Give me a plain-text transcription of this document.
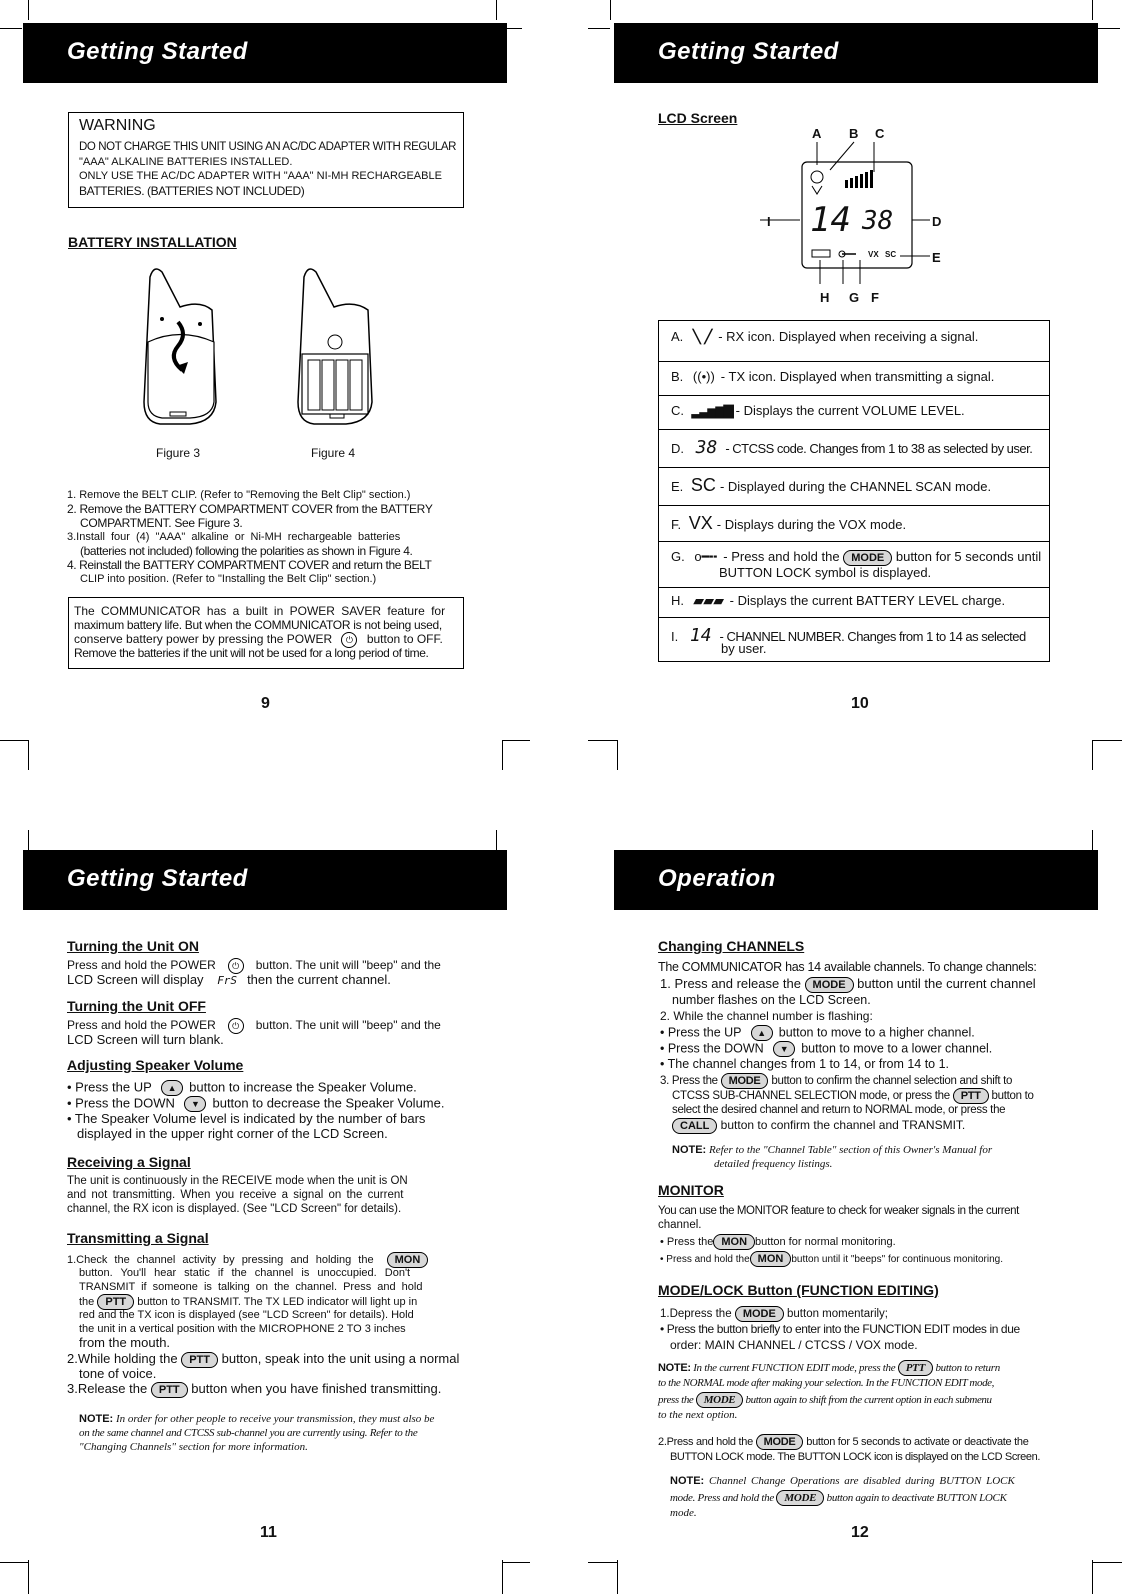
Getting Started
WARNING
DO NOT CHARGE THIS UNIT USING AN AC/DC ADAPTER WITH REGULAR
"AAA" ALKALINE BATTERIES INSTALLED.
ONLY USE THE AC/DC ADAPTER WITH "AAA" NI-MH RECHARGEABLE
BATTERIES. (BATTERIES NOT INCLUDED)
BATTERY INSTALLATION
Figure 3	Figure 4
1. Remove the BELT CLIP. (Refer to "Removing the Belt Clip" section.)
2. Remove the BATTERY COMPARTMENT COVER from the BATTERY
COMPARTMENT. See Figure 3.
3.Install four (4) "AAA" alkaline or Ni-MH rechargeable batteries
(batteries not included) following the polarities as shown in Figure 4.
4. Reinstall the BATTERY COMPARTMENT COVER and return the BELT
CLIP into position. (Refer to "Installing the Belt Clip" section.)
The COMMUNICATOR has a built in POWER SAVER feature for
maximum battery life. But when the COMMUNICATOR is not being used,
conserve battery power by pressing the POWER ⏻ button to OFF.
Remove the batteries if the unit will not be used for a long period of time.
9
Getting Started
LCD Screen
14 38
VX SC
A B C
D
E
F
G
H
I
A. ╲ ╱ - RX icon. Displayed when receiving a signal.
B. ((•)) - TX icon. Displayed when transmitting a signal.
C. ▂▃▅▆▇ - Displays the current VOLUME LEVEL.
D. 38 - CTCSS code. Changes from 1 to 38 as selected by user.
E. SC - Displayed during the CHANNEL SCAN mode.
F. VX - Displays during the VOX mode.
G. o━╍ - Press and hold the MODE button for 5 seconds until
BUTTON LOCK symbol is displayed.
H. ▰▰▰ - Displays the current BATTERY LEVEL charge.
I. 14 - CHANNEL NUMBER. Changes from 1 to 14 as selected
by user.
10
Getting Started
Turning the Unit ON
Press and hold the POWER ⏻ button. The unit will "beep" and the
LCD Screen will display FrS then the current channel.
Turning the Unit OFF
Press and hold the POWER ⏻ button. The unit will "beep" and the
LCD Screen will turn blank.
Adjusting Speaker Volume
• Press the UP ▲ button to increase the Speaker Volume.
• Press the DOWN ▼ button to decrease the Speaker Volume.
• The Speaker Volume level is indicated by the number of bars
displayed in the upper right corner of the LCD Screen.
Receiving a Signal
The unit is continuously in the RECEIVE mode when the unit is ON
and not transmitting. When you receive a signal on the current
channel, the RX icon is displayed. (See "LCD Screen" for details).
Transmitting a Signal
1.Check the channel activity by pressing and holding the MON
button. You'll hear static if the channel is unoccupied. Don't
TRANSMIT if someone is talking on the channel. Press and hold
the PTT button to TRANSMIT. The TX LED indicator will light up in
red and the TX icon is displayed (see "LCD Screen" for details). Hold
the unit in a vertical position with the MICROPHONE 2 TO 3 inches
from the mouth.
2.While holding the PTT button, speak into the unit using a normal
tone of voice.
3.Release the PTT button when you have finished transmitting.
NOTE: In order for other people to receive your transmission, they must also be
on the same channel and CTCSS sub-channel you are currently using. Refer to the
"Changing Channels" section for more information.
11
Operation
Changing CHANNELS
The COMMUNICATOR has 14 available channels. To change channels:
1. Press and release the MODE button until the current channel
number flashes on the LCD Screen.
2. While the channel number is flashing:
• Press the UP ▲ button to move to a higher channel.
• Press the DOWN ▼ button to move to a lower channel.
• The channel changes from 1 to 14, or from 14 to 1.
3. Press the MODE button to confirm the channel selection and shift to
CTCSS SUB-CHANNEL SELECTION mode, or press the PTT button to
select the desired channel and return to NORMAL mode, or press the
CALL button to confirm the channel and TRANSMIT.
NOTE: Refer to the "Channel Table" section of this Owner's Manual for
detailed frequency listings.
MONITOR
You can use the MONITOR feature to check for weaker signals in the current
channel.
• Press the MON button for normal monitoring.
• Press and hold the MON button until it "beeps" for continuous monitoring.
MODE/LOCK Button (FUNCTION EDITING)
1.Depress the MODE button momentarily;
• Press the button briefly to enter into the FUNCTION EDIT modes in due
order: MAIN CHANNEL / CTCSS / VOX mode.
NOTE: In the current FUNCTION EDIT mode, press the PTT button to return
to the NORMAL mode after making your selection. In the FUNCTION EDIT mode,
press the MODE button again to shift from the current option in each submenu
to the next option.
2.Press and hold the MODE button for 5 seconds to activate or deactivate the
BUTTON LOCK mode. The BUTTON LOCK icon is displayed on the LCD Screen.
NOTE: Channel Change Operations are disabled during BUTTON LOCK
mode. Press and hold the MODE button again to deactivate BUTTON LOCK
mode.
12
